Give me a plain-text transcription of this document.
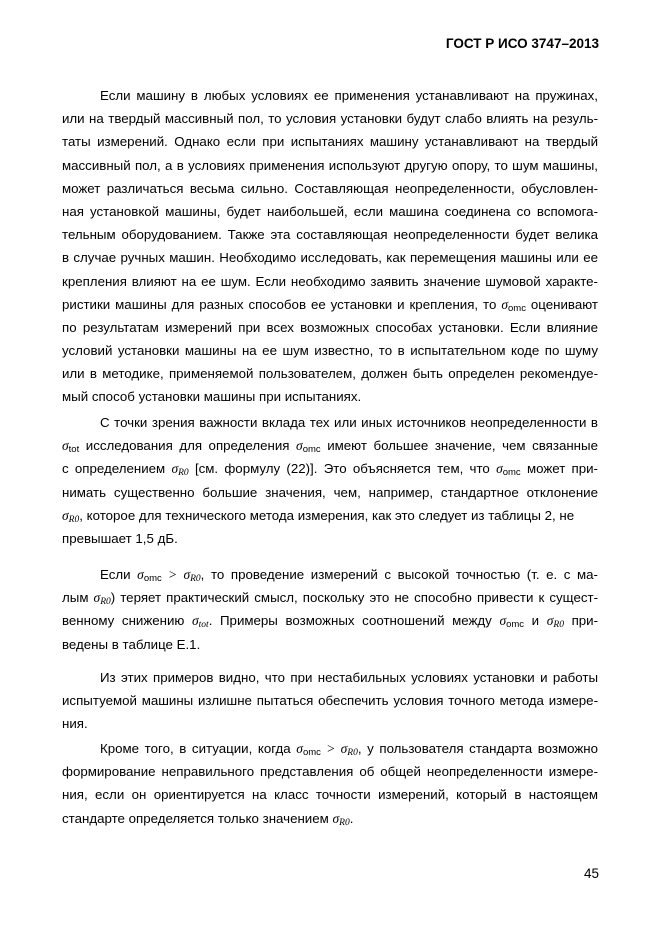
ГОСТ Р ИСО 3747–2013
Если машину в любых условиях ее применения устанавливают на пружинах,
или на твердый массивный пол, то условия установки будут слабо влиять на резуль-
таты измерений. Однако если при испытаниях машину устанавливают на твердый
массивный пол, а в условиях применения используют другую опору, то шум машины,
может различаться весьма сильно. Составляющая неопределенности, обусловлен-
ная установкой машины, будет наибольшей, если машина соединена со вспомога-
тельным оборудованием. Также эта составляющая неопределенности будет велика
в случае ручных машин. Необходимо исследовать, как перемещения машины или ее
крепления влияют на ее шум. Если необходимо заявить значение шумовой характе-
ристики машины для разных способов ее установки и крепления, то σomc оценивают
по результатам измерений при всех возможных способах установки. Если влияние
условий установки машины на ее шум известно, то в испытательном коде по шуму
или в методике, применяемой пользователем, должен быть определен рекомендуе-
мый способ установки машины при испытаниях.
С точки зрения важности вклада тех или иных источников неопределенности в
σtot исследования для определения σomc имеют большее значение, чем связанные
с определением $\sigma_{R0}$ [см. формулу (22)]. Это объясняется тем, что σomc может при-
нимать существенно большие значения, чем, например, стандартное отклонение
$\sigma_{R0}$, которое для технического метода измерения, как это следует из таблицы 2, не
превышает 1,5 дБ.
Если $\sigma omc > \sigma_{R0}$, то проведение измерений с высокой точностью (т. е. с ма-
лым $\sigma_{R0}$) теряет практический смысл, поскольку это не способно привести к сущест-
венному снижению $\sigma_{tot}$. Примеры возможных соотношений между σomc и $\sigma_{R0}$ при-
ведены в таблице Е.1.
Из этих примеров видно, что при нестабильных условиях установки и работы
испытуемой машины излишне пытаться обеспечить условия точного метода измере-
ния.
Кроме того, в ситуации, когда $\sigma omc > \sigma_{R0}$, у пользователя стандарта возможно
формирование неправильного представления об общей неопределенности измере-
ния, если он ориентируется на класс точности измерений, который в настоящем
стандарте определяется только значением $\sigma_{R0}$.
45
